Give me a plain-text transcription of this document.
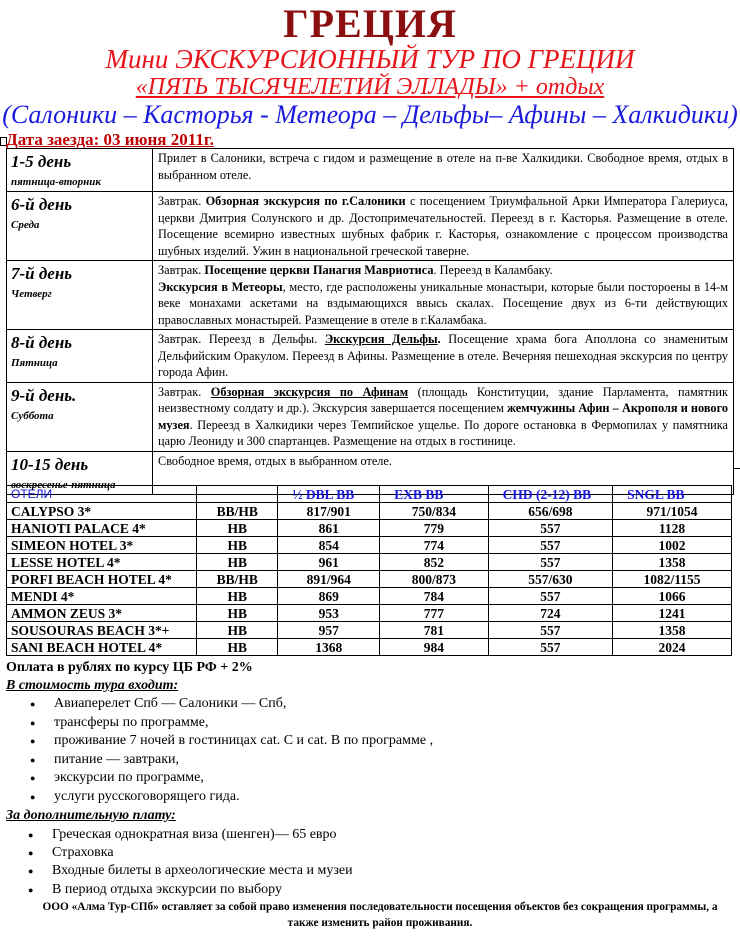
ГРЕЦИЯ
Мини ЭКСКУРСИОННЫЙ ТУР ПО ГРЕЦИИ
«ПЯТЬ ТЫСЯЧЕЛЕТИЙ ЭЛЛАДЫ» + отдых
(Салоники – Касторья - Метеора – Дельфы– Афины – Халкидики)
Дата заезда: 03 июня 2011г.
1-5 день
пятница-вторник	Прилет в Салоники, встреча с гидом и размещение в отеле на п-ве Халкидики. Свободное время, отдых в выбранном отеле.

6-й день
Среда	Завтрак. Обзорная экскурсия по г.Салоники с посещением Триумфальной Арки Императора Галериуса, церкви Дмитрия Солунского и др. Достопримечательностей. Переезд в г. Касторья. Размещение в отеле. Посещение всемирно известных шубных фабрик г. Касторья, ознакомление с процессом производства шубных изделий. Ужин в национальной греческой таверне.

7-й день
Четверг	Завтрак. Посещение церкви Панагия Мавриотиса. Переезд в Каламбаку.
Экскурсия в Метеоры, место, где расположены уникальные монастыри, которые были постороены в 14-м веке монахами аскетами на вздымающихся ввысь скалах. Посещение двух из 6-ти действующих православных монастырей. Размещение в отеле в г.Каламбака.

8-й день
Пятница	Завтрак. Переезд в Дельфы. Экскурсия Дельфы. Посещение храма бога Аполлона со знаменитым Дельфийским Оракулом. Переезд в Афины. Размещение в отеле. Вечерняя пешеходная экскурсия по центру города Афин.

9-й день.
Суббота	Завтрак. Обзорная экскурсия по Афинам (площадь Конституции, здание Парламента, памятник неизвестному солдату и др.). Экскурсия завершается посещением жемчужины Афин – Акрополя и нового музея. Переезд в Халкидики через Темпийское ущелье. По дороге остановка в Фермопилах у памятника царю Леониду и 300 спартанцев. Размещение на отдых в гостинице.

10-15 день
воскресенье-пятница	Свободное время, отдых в выбранном отеле.
ОТЕЛИ		½ DBL BB	EXB BB	CHD (2-12) BB	SNGL BB
CALYPSO 3*	BB/HB	817/901	750/834	656/698	971/1054
HANIOTI PALACE 4*	HB	861	779	557	1128
SIMEON HOTEL 3*	HB	854	774	557	1002
LESSE HOTEL 4*	HB	961	852	557	1358
PORFI BEACH HOTEL 4*	BB/HB	891/964	800/873	557/630	1082/1155
MENDI 4*	HB	869	784	557	1066
AMMON ZEUS 3*	HB	953	777	724	1241
SOUSOURAS BEACH 3*+	HB	957	781	557	1358
SANI BEACH HOTEL 4*	HB	1368	984	557	2024
Оплата в рублях по курсу ЦБ РФ + 2%
В стоимость тура входит:
● Авиаперелет Спб — Салоники — Спб,
● трансферы по программе,
● проживание 7 ночей в гостиницах cat. C и cat. B по программе ,
● питание — завтраки,
● экскурсии по программе,
● услуги русскоговорящего гида.
За дополнительную плату:
● Греческая однократная виза (шенген)— 65 евро
● Страховка
● Входные билеты в археологические места и музеи
● В период отдыха экскурсии по выбору
ООО «Алма Тур-СПб» оставляет за собой право изменения последовательности посещения объектов без сокращения программы, а также изменить район проживания.
